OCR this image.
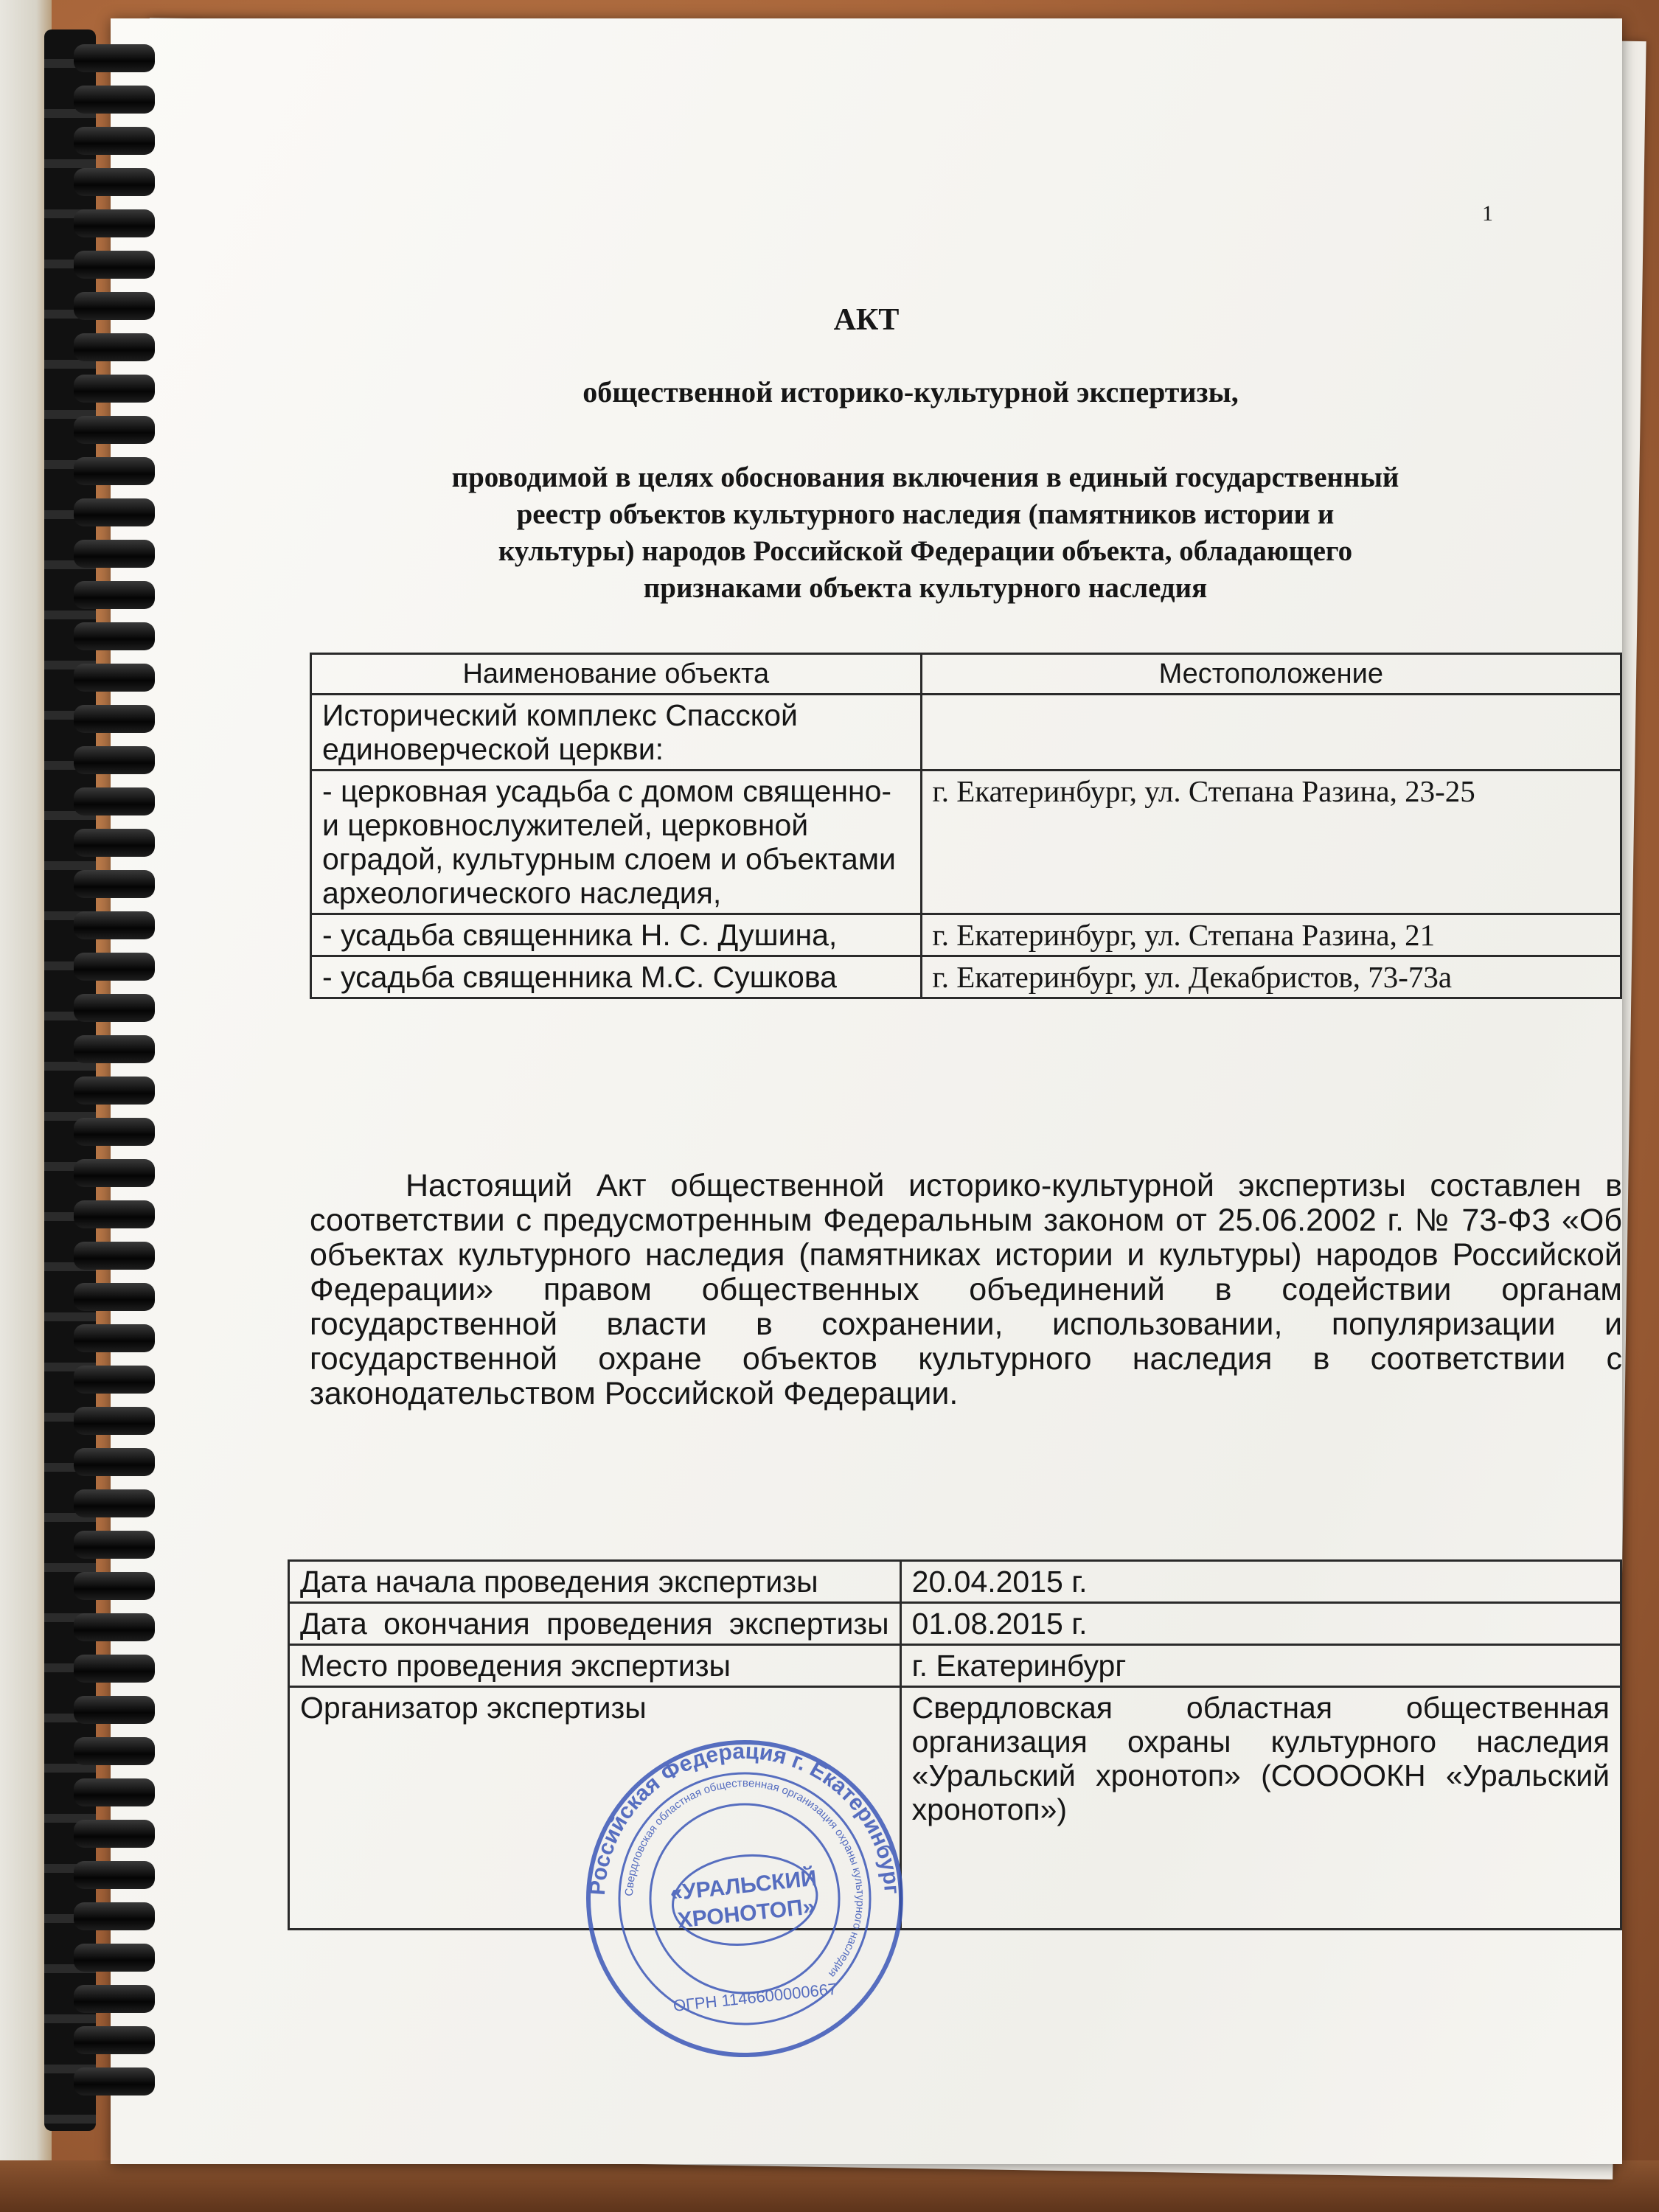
1
АКТ
общественной историко-культурной экспертизы,
проводимой в целях обоснования включения в единый государственный
реестр объектов культурного наследия (памятников истории и
культуры) народов Российской Федерации объекта, обладающего
признаками объекта культурного наследия
Наименование объекта	Местоположение
Исторический комплекс Спасской единоверческой церкви:	
- церковная усадьба с домом священно- и церковнослужителей, церковной оградой, культурным слоем и объектами археологического наследия,	г. Екатеринбург, ул. Степана Разина, 23-25
- усадьба священника Н. С. Душина,	г. Екатеринбург, ул. Степана Разина, 21
- усадьба священника М.С. Сушкова	г. Екатеринбург, ул. Декабристов, 73-73а
Настоящий Акт общественной историко-культурной экспертизы составлен в соответствии с предусмотренным Федеральным законом от 25.06.2002 г. № 73-ФЗ «Об объектах культурного наследия (памятниках истории и культуры) народов Российской Федерации» правом общественных объединений в содействии органам государственной власти в сохранении, использовании, популяризации и государственной охране объектов культурного наследия в соответствии с законодательством Российской Федерации.
Дата начала проведения экспертизы	20.04.2015 г.
Дата окончания проведения экспертизы	01.08.2015 г.
Место проведения экспертизы	г. Екатеринбург
Организатор экспертизы	Свердловская областная общественная организация охраны культурного наследия «Уральский хронотоп» (СООООКН «Уральский хронотоп»)
Российская Федерация г. Екатеринбург
Свердловская областная общественная организация охраны культурного наследия
«УРАЛЬСКИЙ
ХРОНОТОП»
ОГРН 1146600000667
